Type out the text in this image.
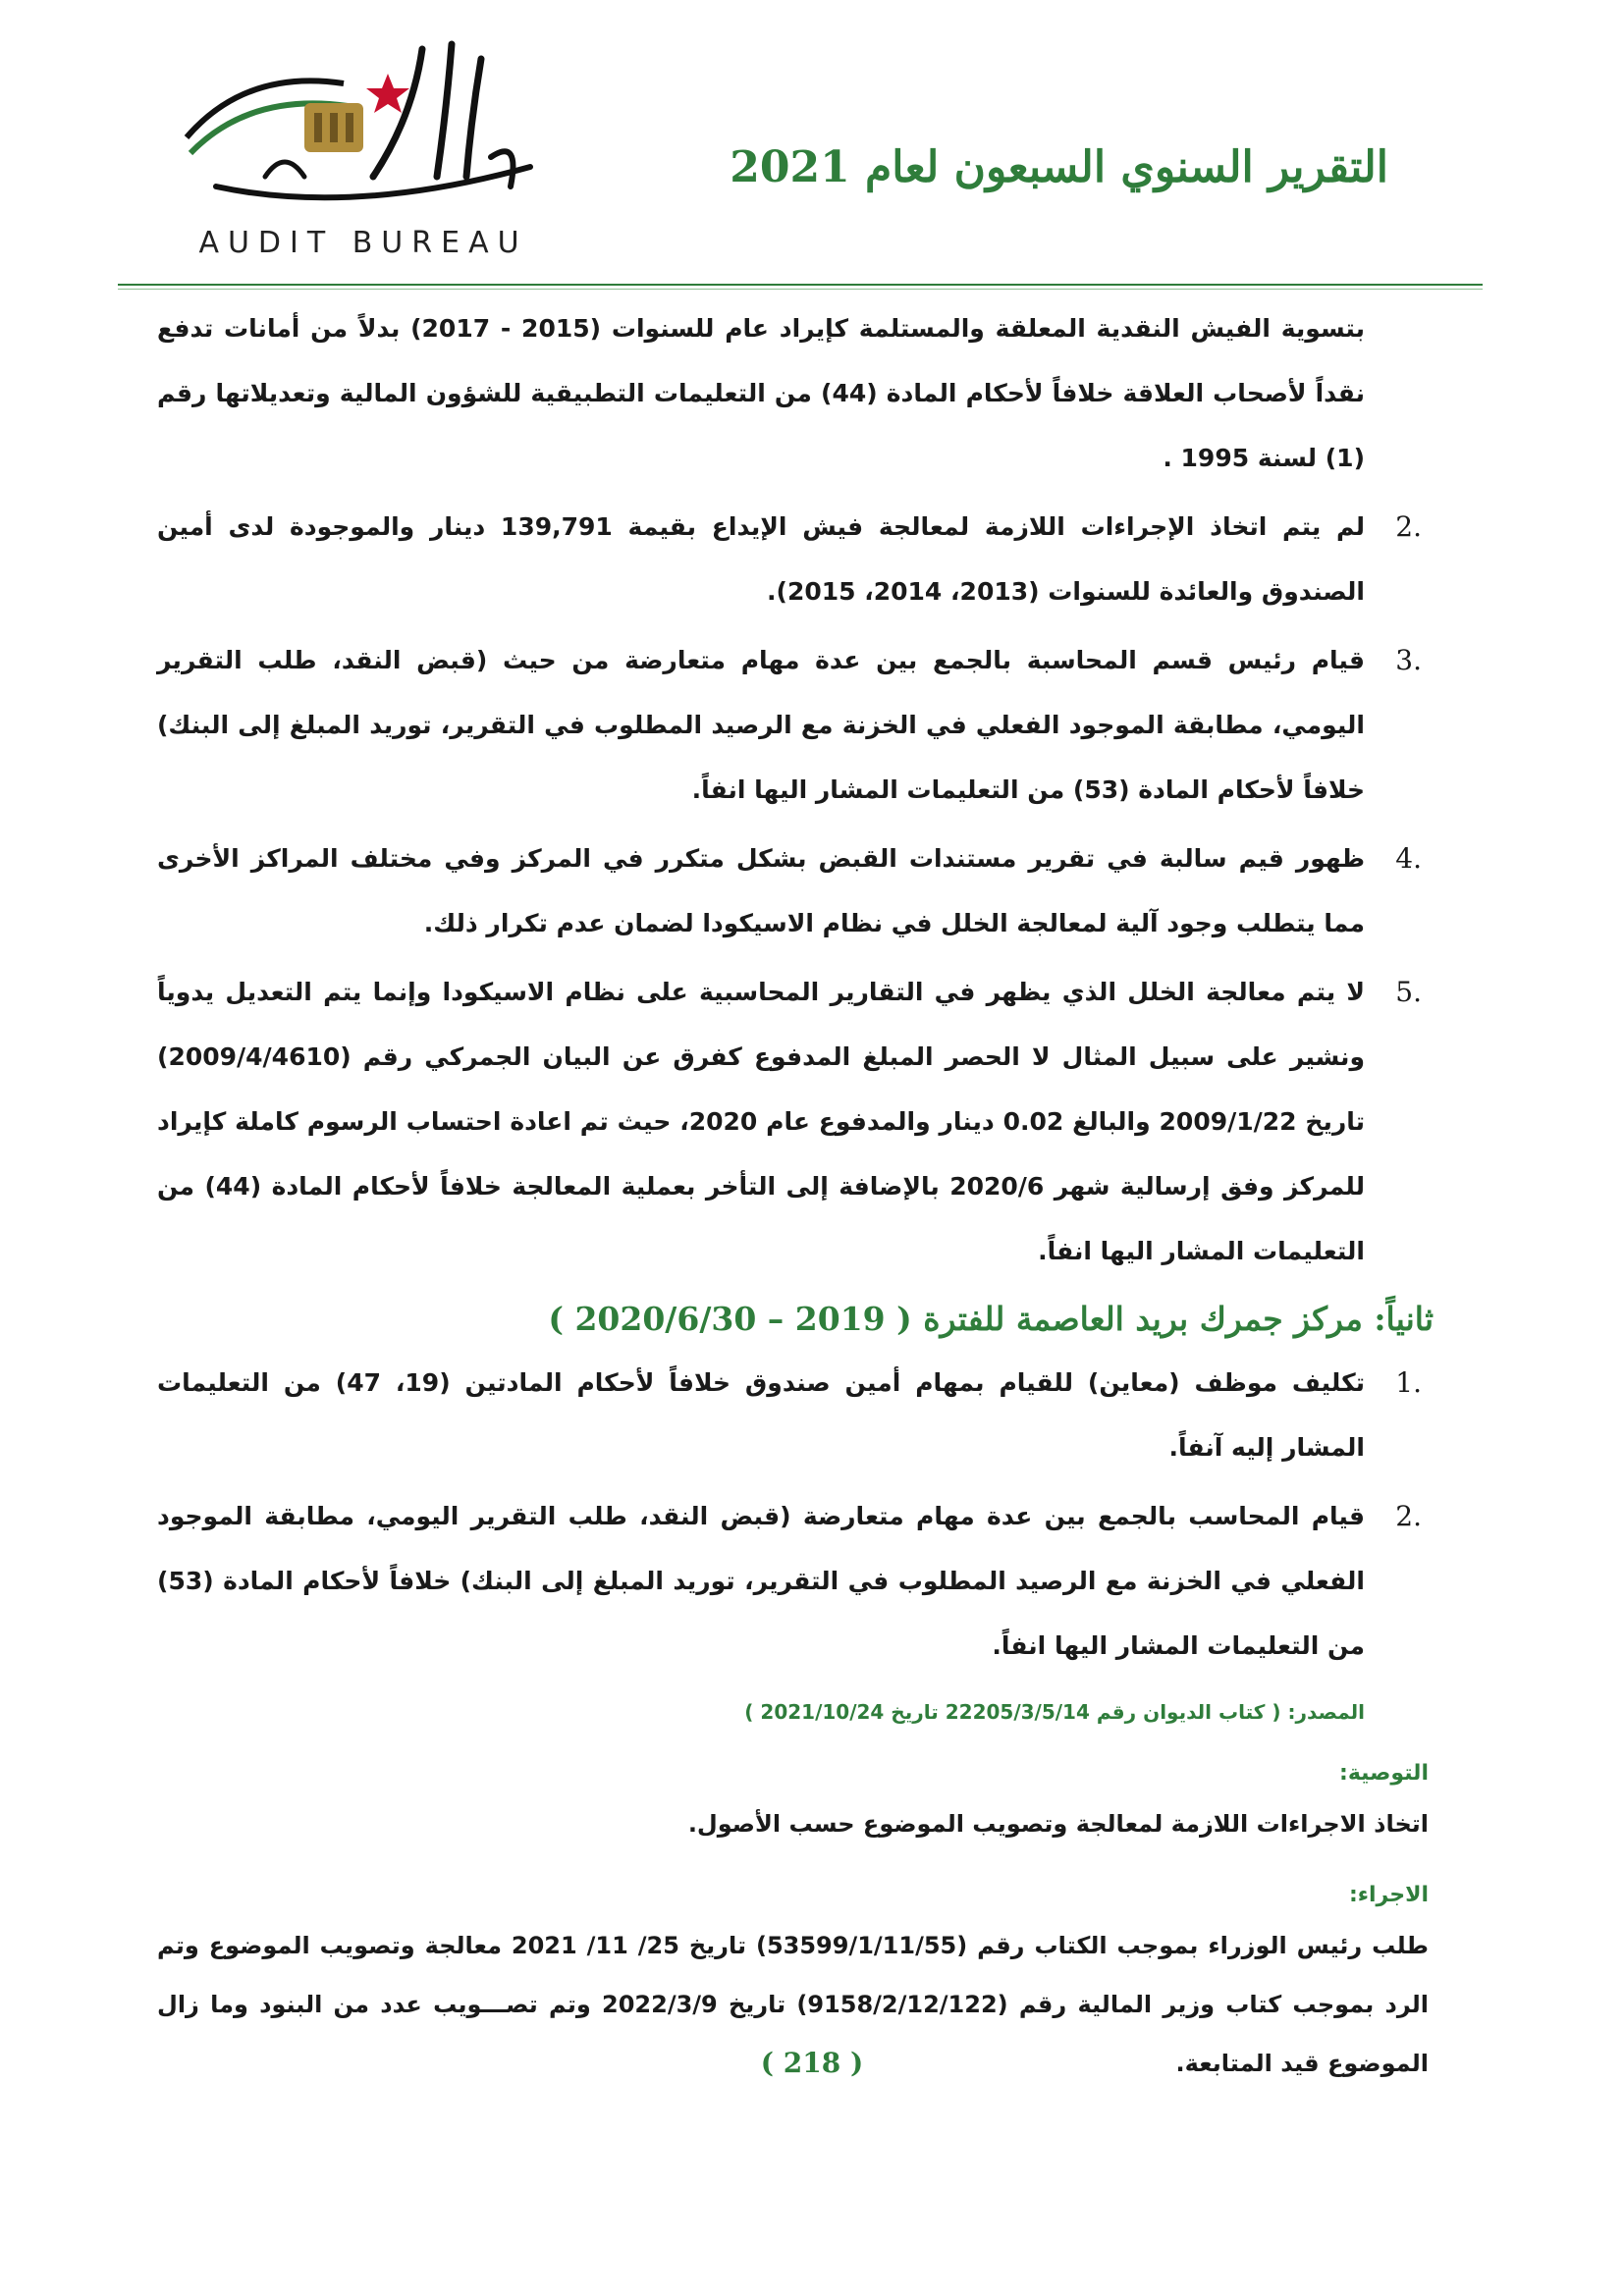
التقرير السنوي السبعون لعام 2021
AUDIT BUREAU

بتسوية الفيش النقدية المعلقة والمستلمة كإيراد عام للسنوات (2015 - 2017) بدلاً من أمانات تدفع نقداً لأصحاب العلاقة خلافاً لأحكام المادة (44) من التعليمات التطبيقية للشؤون المالية وتعديلاتها رقم (1) لسنة 1995 .

2.

لم يتم اتخاذ الإجراءات اللازمة لمعالجة فيش الإيداع بقيمة 139,791 دينار والموجودة لدى أمين الصندوق والعائدة للسنوات (2013، 2014، 2015).

3.

قيام رئيس قسم المحاسبة بالجمع بين عدة مهام متعارضة من حيث (قبض النقد، طلب التقرير اليومي، مطابقة الموجود الفعلي في الخزنة مع الرصيد المطلوب في التقرير، توريد المبلغ إلى البنك) خلافاً لأحكام المادة (53) من التعليمات المشار اليها انفاً.

4.

ظهور قيم سالبة في تقرير مستندات القبض بشكل متكرر في المركز وفي مختلف المراكز الأخرى مما يتطلب وجود آلية لمعالجة الخلل في نظام الاسيكودا لضمان عدم تكرار ذلك.

5.

لا يتم معالجة الخلل الذي يظهر في التقارير المحاسبية على نظام الاسيكودا وإنما يتم التعديل يدوياً ونشير على سبيل المثال لا الحصر المبلغ المدفوع كفرق عن البيان الجمركي رقم (2009/4/4610) تاريخ 2009/1/22 والبالغ 0.02 دينار والمدفوع عام 2020، حيث تم اعادة احتساب الرسوم كاملة كإيراد للمركز وفق إرسالية شهر 2020/6 بالإضافة إلى التأخر بعملية المعالجة خلافاً لأحكام المادة (44) من التعليمات المشار اليها انفاً.

ثانياً: مركز جمرك بريد العاصمة للفترة ( 2019 – 2020/6/30 )
1.

تكليف موظف (معاين) للقيام بمهام أمين صندوق خلافاً لأحكام المادتين (19، 47) من التعليمات المشار إليه آنفاً.

2.

قيام المحاسب بالجمع بين عدة مهام متعارضة (قبض النقد، طلب التقرير اليومي، مطابقة الموجود الفعلي في الخزنة مع الرصيد المطلوب في التقرير، توريد المبلغ إلى البنك) خلافاً لأحكام المادة (53) من التعليمات المشار اليها انفاً.

المصدر: ( كتاب الديوان رقم 22205/3/5/14 تاريخ 2021/10/24 )
التوصية:

اتخاذ الاجراءات اللازمة لمعالجة وتصويب الموضوع حسب الأصول.

الاجراء:

طلب رئيس الوزراء بموجب الكتاب رقم (53599/1/11/55) تاريخ 25/ 11/ 2021 معالجة وتصويب الموضوع وتم الرد بموجب كتاب وزير المالية رقم (9158/2/12/122) تاريخ 2022/3/9 وتم تصـــويب عدد من البنود وما زال الموضوع قيد المتابعة.

( 218 )
